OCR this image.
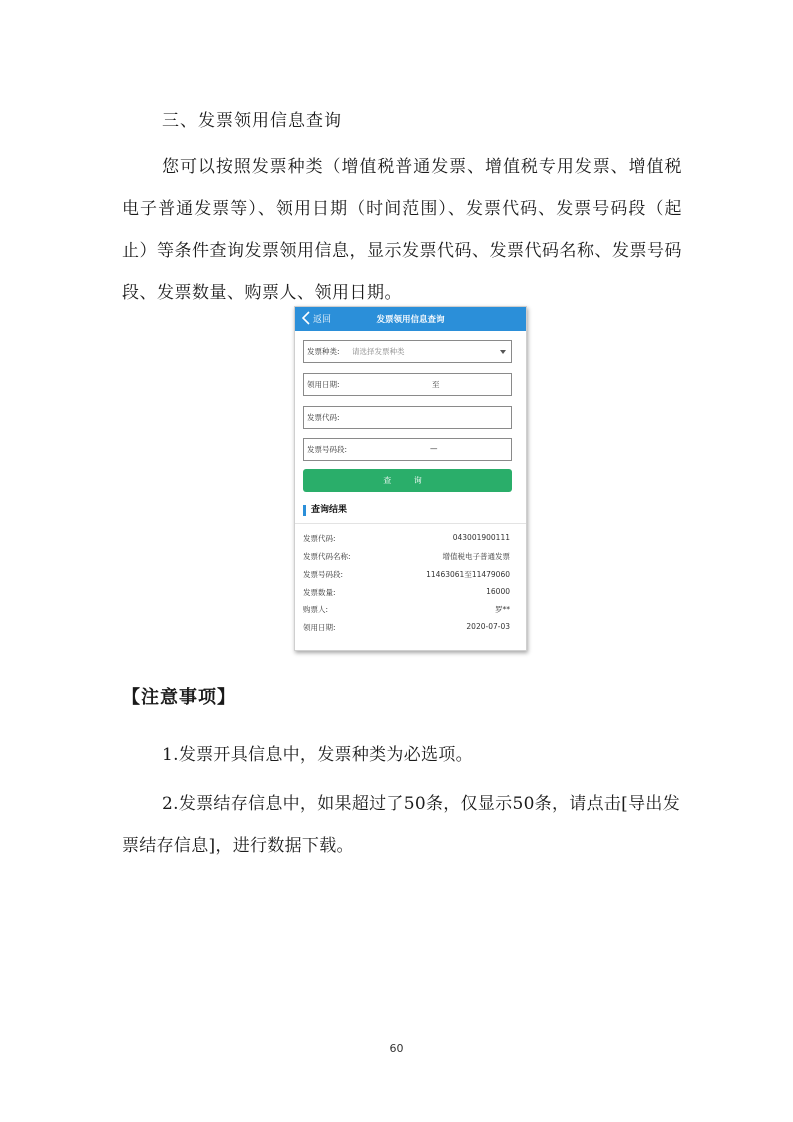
三、发票领用信息查询

您可以按照发票种类（增值税普通发票、增值税专用发票、增值税电子普通发票等）、领用日期（时间范围）、发票代码、发票号码段（起止）等条件查询发票领用信息，显示发票代码、发票代码名称、发票号码段、发票数量、购票人、领用日期。

返回	发票领用信息查询
发票种类: 请选择发票种类
领用日期:	至
发票代码:
发票号码段:	—
查 询
查询结果
发票代码:	043001900111
发票代码名称:	增值税电子普通发票
发票号码段:	11463061至11479060
发票数量:	16000
购票人:	罗**
领用日期:	2020-07-03
【注意事项】

1.发票开具信息中，发票种类为必选项。

2.发票结存信息中，如果超过了50条，仅显示50条，请点击[导出发票结存信息]，进行数据下载。

60
